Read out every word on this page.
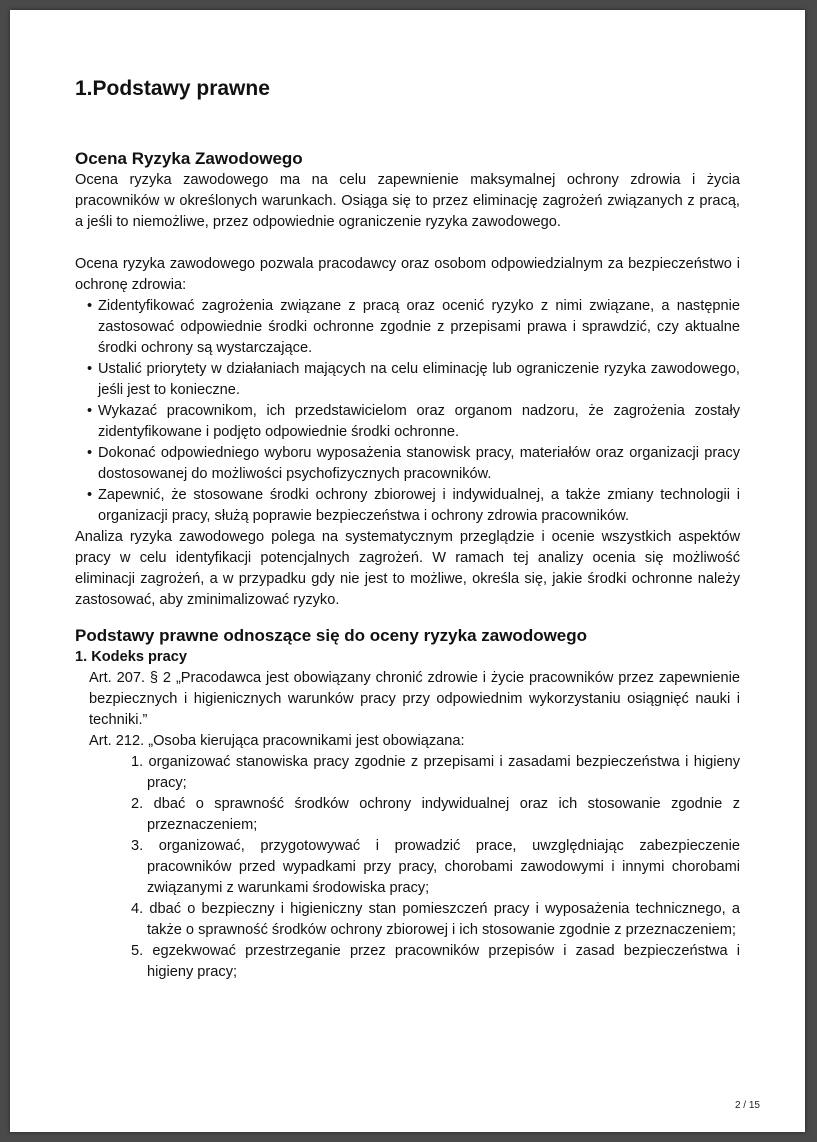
1.Podstawy prawne
Ocena Ryzyka Zawodowego

Ocena ryzyka zawodowego ma na celu zapewnienie maksymalnej ochrony zdrowia i życia pracowników w określonych warunkach. Osiąga się to przez eliminację zagrożeń związanych z pracą, a jeśli to niemożliwe, przez odpowiednie ograniczenie ryzyka zawodowego.

Ocena ryzyka zawodowego pozwala pracodawcy oraz osobom odpowiedzialnym za bezpieczeństwo i ochronę zdrowia:

• Zidentyfikować zagrożenia związane z pracą oraz ocenić ryzyko z nimi związane, a następnie zastosować odpowiednie środki ochronne zgodnie z przepisami prawa i sprawdzić, czy aktualne środki ochrony są wystarczające.
• Ustalić priorytety w działaniach mających na celu eliminację lub ograniczenie ryzyka zawodowego, jeśli jest to konieczne.
• Wykazać pracownikom, ich przedstawicielom oraz organom nadzoru, że zagrożenia zostały zidentyfikowane i podjęto odpowiednie środki ochronne.
• Dokonać odpowiedniego wyboru wyposażenia stanowisk pracy, materiałów oraz organizacji pracy dostosowanej do możliwości psychofizycznych pracowników.
• Zapewnić, że stosowane środki ochrony zbiorowej i indywidualnej, a także zmiany technologii i organizacji pracy, służą poprawie bezpieczeństwa i ochrony zdrowia pracowników.

Analiza ryzyka zawodowego polega na systematycznym przeglądzie i ocenie wszystkich aspektów pracy w celu identyfikacji potencjalnych zagrożeń. W ramach tej analizy ocenia się możliwość eliminacji zagrożeń, a w przypadku gdy nie jest to możliwe, określa się, jakie środki ochronne należy zastosować, aby zminimalizować ryzyko.

Podstawy prawne odnoszące się do oceny ryzyka zawodowego
1. Kodeks pracy

Art. 207. § 2 „Pracodawca jest obowiązany chronić zdrowie i życie pracowników przez zapewnienie bezpiecznych i higienicznych warunków pracy przy odpowiednim wykorzystaniu osiągnięć nauki i techniki.”

Art. 212. „Osoba kierująca pracownikami jest obowiązana:

1. organizować stanowiska pracy zgodnie z przepisami i zasadami bezpieczeństwa i higieny pracy;
2. dbać o sprawność środków ochrony indywidualnej oraz ich stosowanie zgodnie z przeznaczeniem;
3. organizować, przygotowywać i prowadzić prace, uwzględniając zabezpieczenie pracowników przed wypadkami przy pracy, chorobami zawodowymi i innymi chorobami związanymi z warunkami środowiska pracy;
4. dbać o bezpieczny i higieniczny stan pomieszczeń pracy i wyposażenia technicznego, a także o sprawność środków ochrony zbiorowej i ich stosowanie zgodnie z przeznaczeniem;
5. egzekwować przestrzeganie przez pracowników przepisów i zasad bezpieczeństwa i higieny pracy;
2 / 15
